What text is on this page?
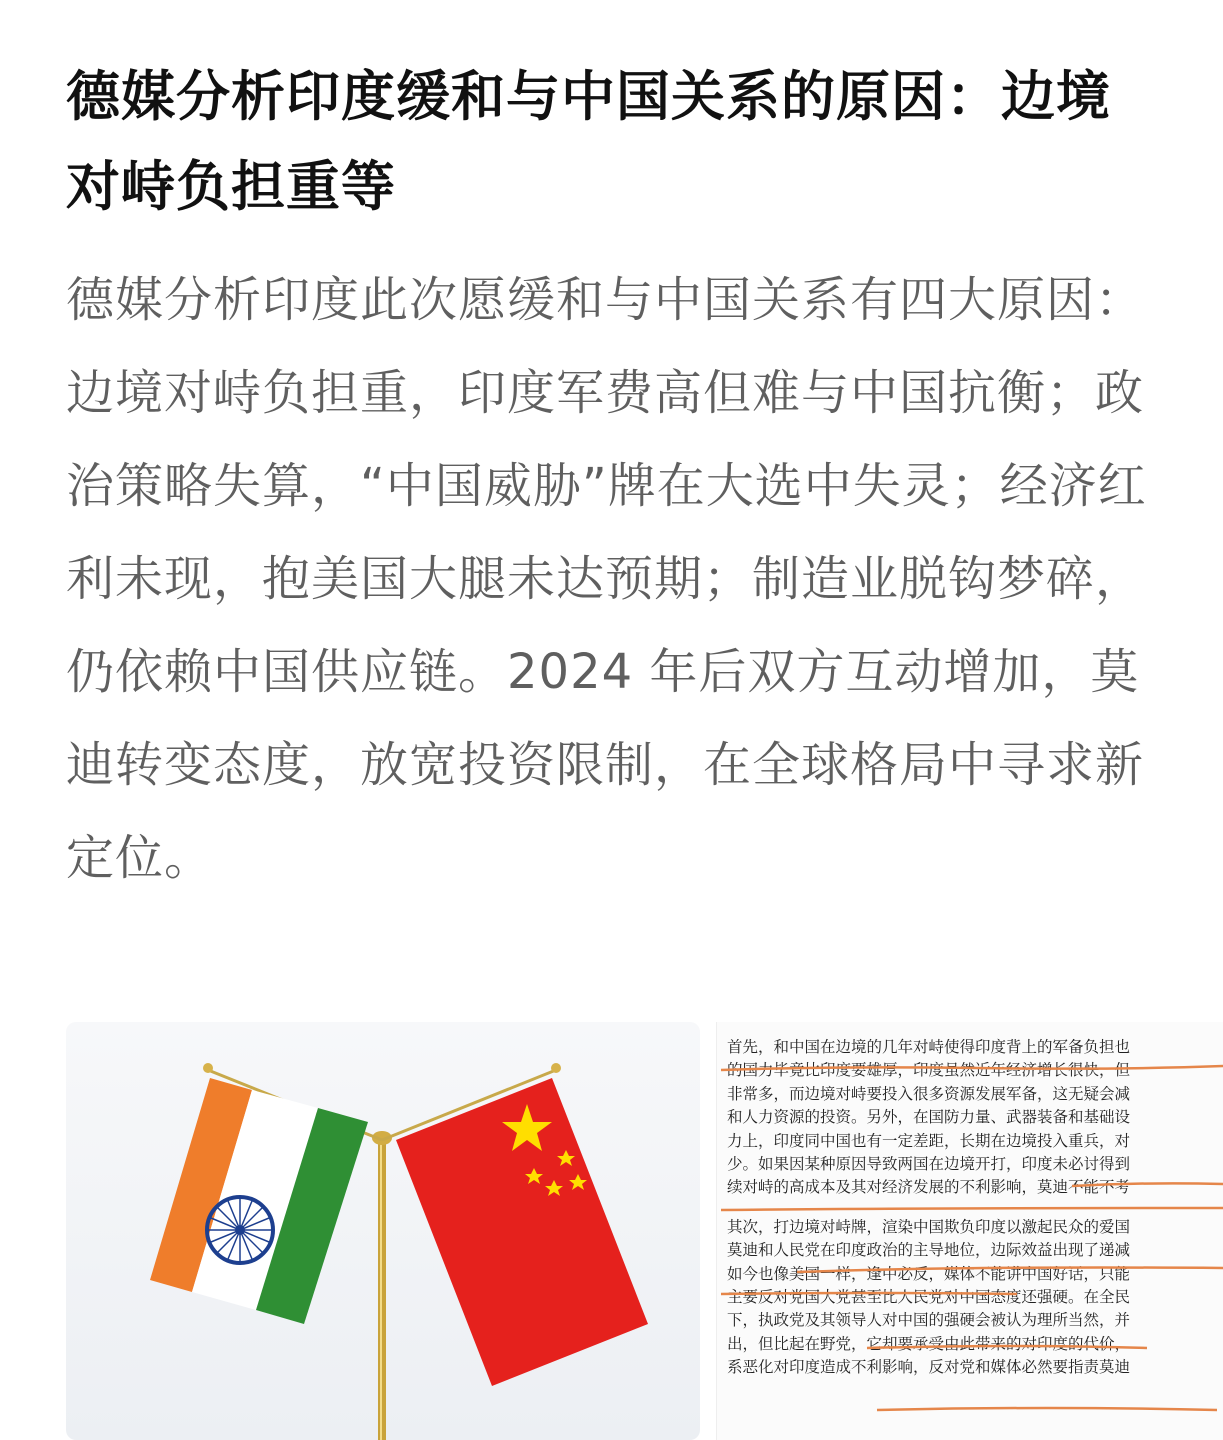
德媒分析印度缓和与中国关系的原因：边境对峙负担重等

德媒分析印度此次愿缓和与中国关系有四大原因：边境对峙负担重，印度军费高但难与中国抗衡；政治策略失算，“中国威胁”牌在大选中失灵；经济红利未现，抱美国大腿未达预期；制造业脱钩梦碎，仍依赖中国供应链。2024 年后双方互动增加，莫迪转变态度，放宽投资限制，在全球格局中寻求新定位。

首先，和中国在边境的几年对峙使得印度背上的军备负担也
的国力毕竟比印度要雄厚，印度虽然近年经济增长很快，但
非常多，而边境对峙要投入很多资源发展军备，这无疑会减
和人力资源的投资。另外，在国防力量、武器装备和基础设
力上，印度同中国也有一定差距，长期在边境投入重兵，对
少。如果因某种原因导致两国在边境开打，印度未必讨得到
续对峙的高成本及其对经济发展的不利影响，莫迪不能不考
其次，打边境对峙牌，渲染中国欺负印度以激起民众的爱国
莫迪和人民党在印度政治的主导地位，边际效益出现了递减
如今也像美国一样，逢中必反，媒体不能讲中国好话，只能
主要反对党国大党甚至比人民党对中国态度还强硬。在全民
下，执政党及其领导人对中国的强硬会被认为理所当然，并
出，但比起在野党，它却要承受由此带来的对印度的代价，
系恶化对印度造成不利影响，反对党和媒体必然要指责莫迪
